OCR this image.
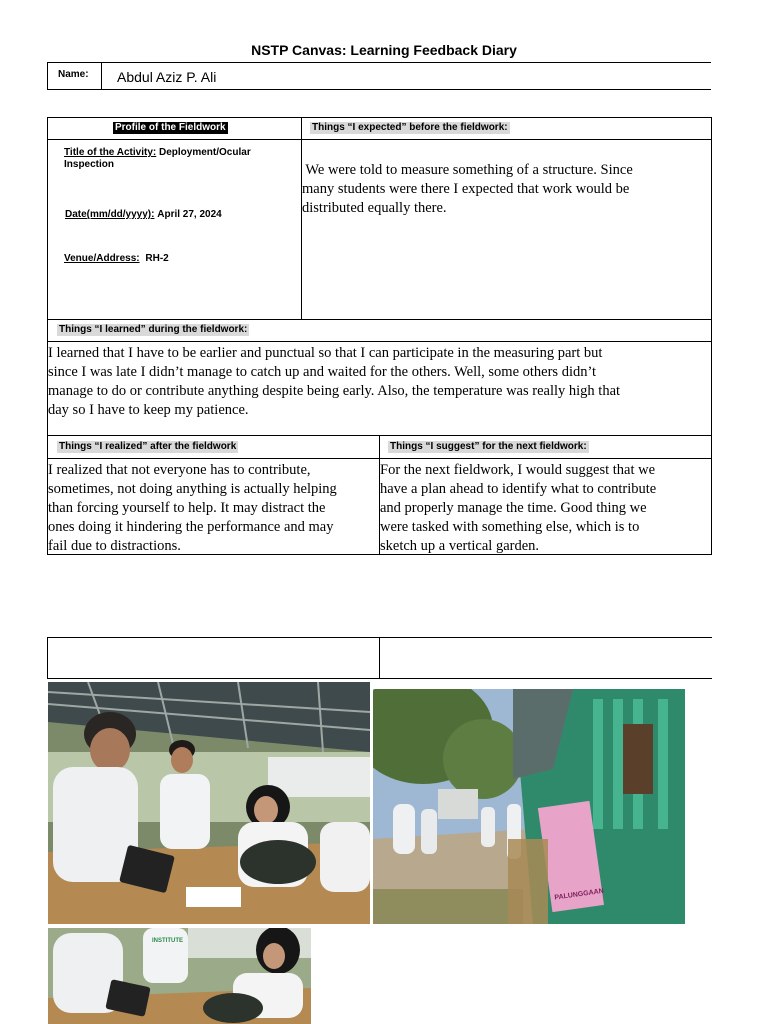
NSTP Canvas: Learning Feedback Diary
Name:	Abdul Aziz P. Ali
Profile of the Fieldwork
Title of the Activity: Deployment/Ocular
Inspection
Date(mm/dd/yyyy): April 27, 2024
Venue/Address: RH-2
Things “I expected” before the fieldwork:

We were told to measure something of a structure. Since
many students were there I expected that work would be
distributed equally there.

Things “I learned” during the fieldwork:
I learned that I have to be earlier and punctual so that I can participate in the measuring part but
since I was late I didn’t manage to catch up and waited for the others. Well, some others didn’t
manage to do or contribute anything despite being early. Also, the temperature was really high that
day so I have to keep my patience.
Things “I realized” after the fieldwork
I realized that not everyone has to contribute,
sometimes, not doing anything is actually helping
than forcing yourself to help. It may distract the
ones doing it hindering the performance and may
fail due to distractions.
Things “I suggest” for the next fieldwork:
For the next fieldwork, I would suggest that we
have a plan ahead to identify what to contribute
and properly manage the time. Good thing we
were tasked with something else, which is to
sketch up a vertical garden.
PALUNGGAAN
INSTITUTE
